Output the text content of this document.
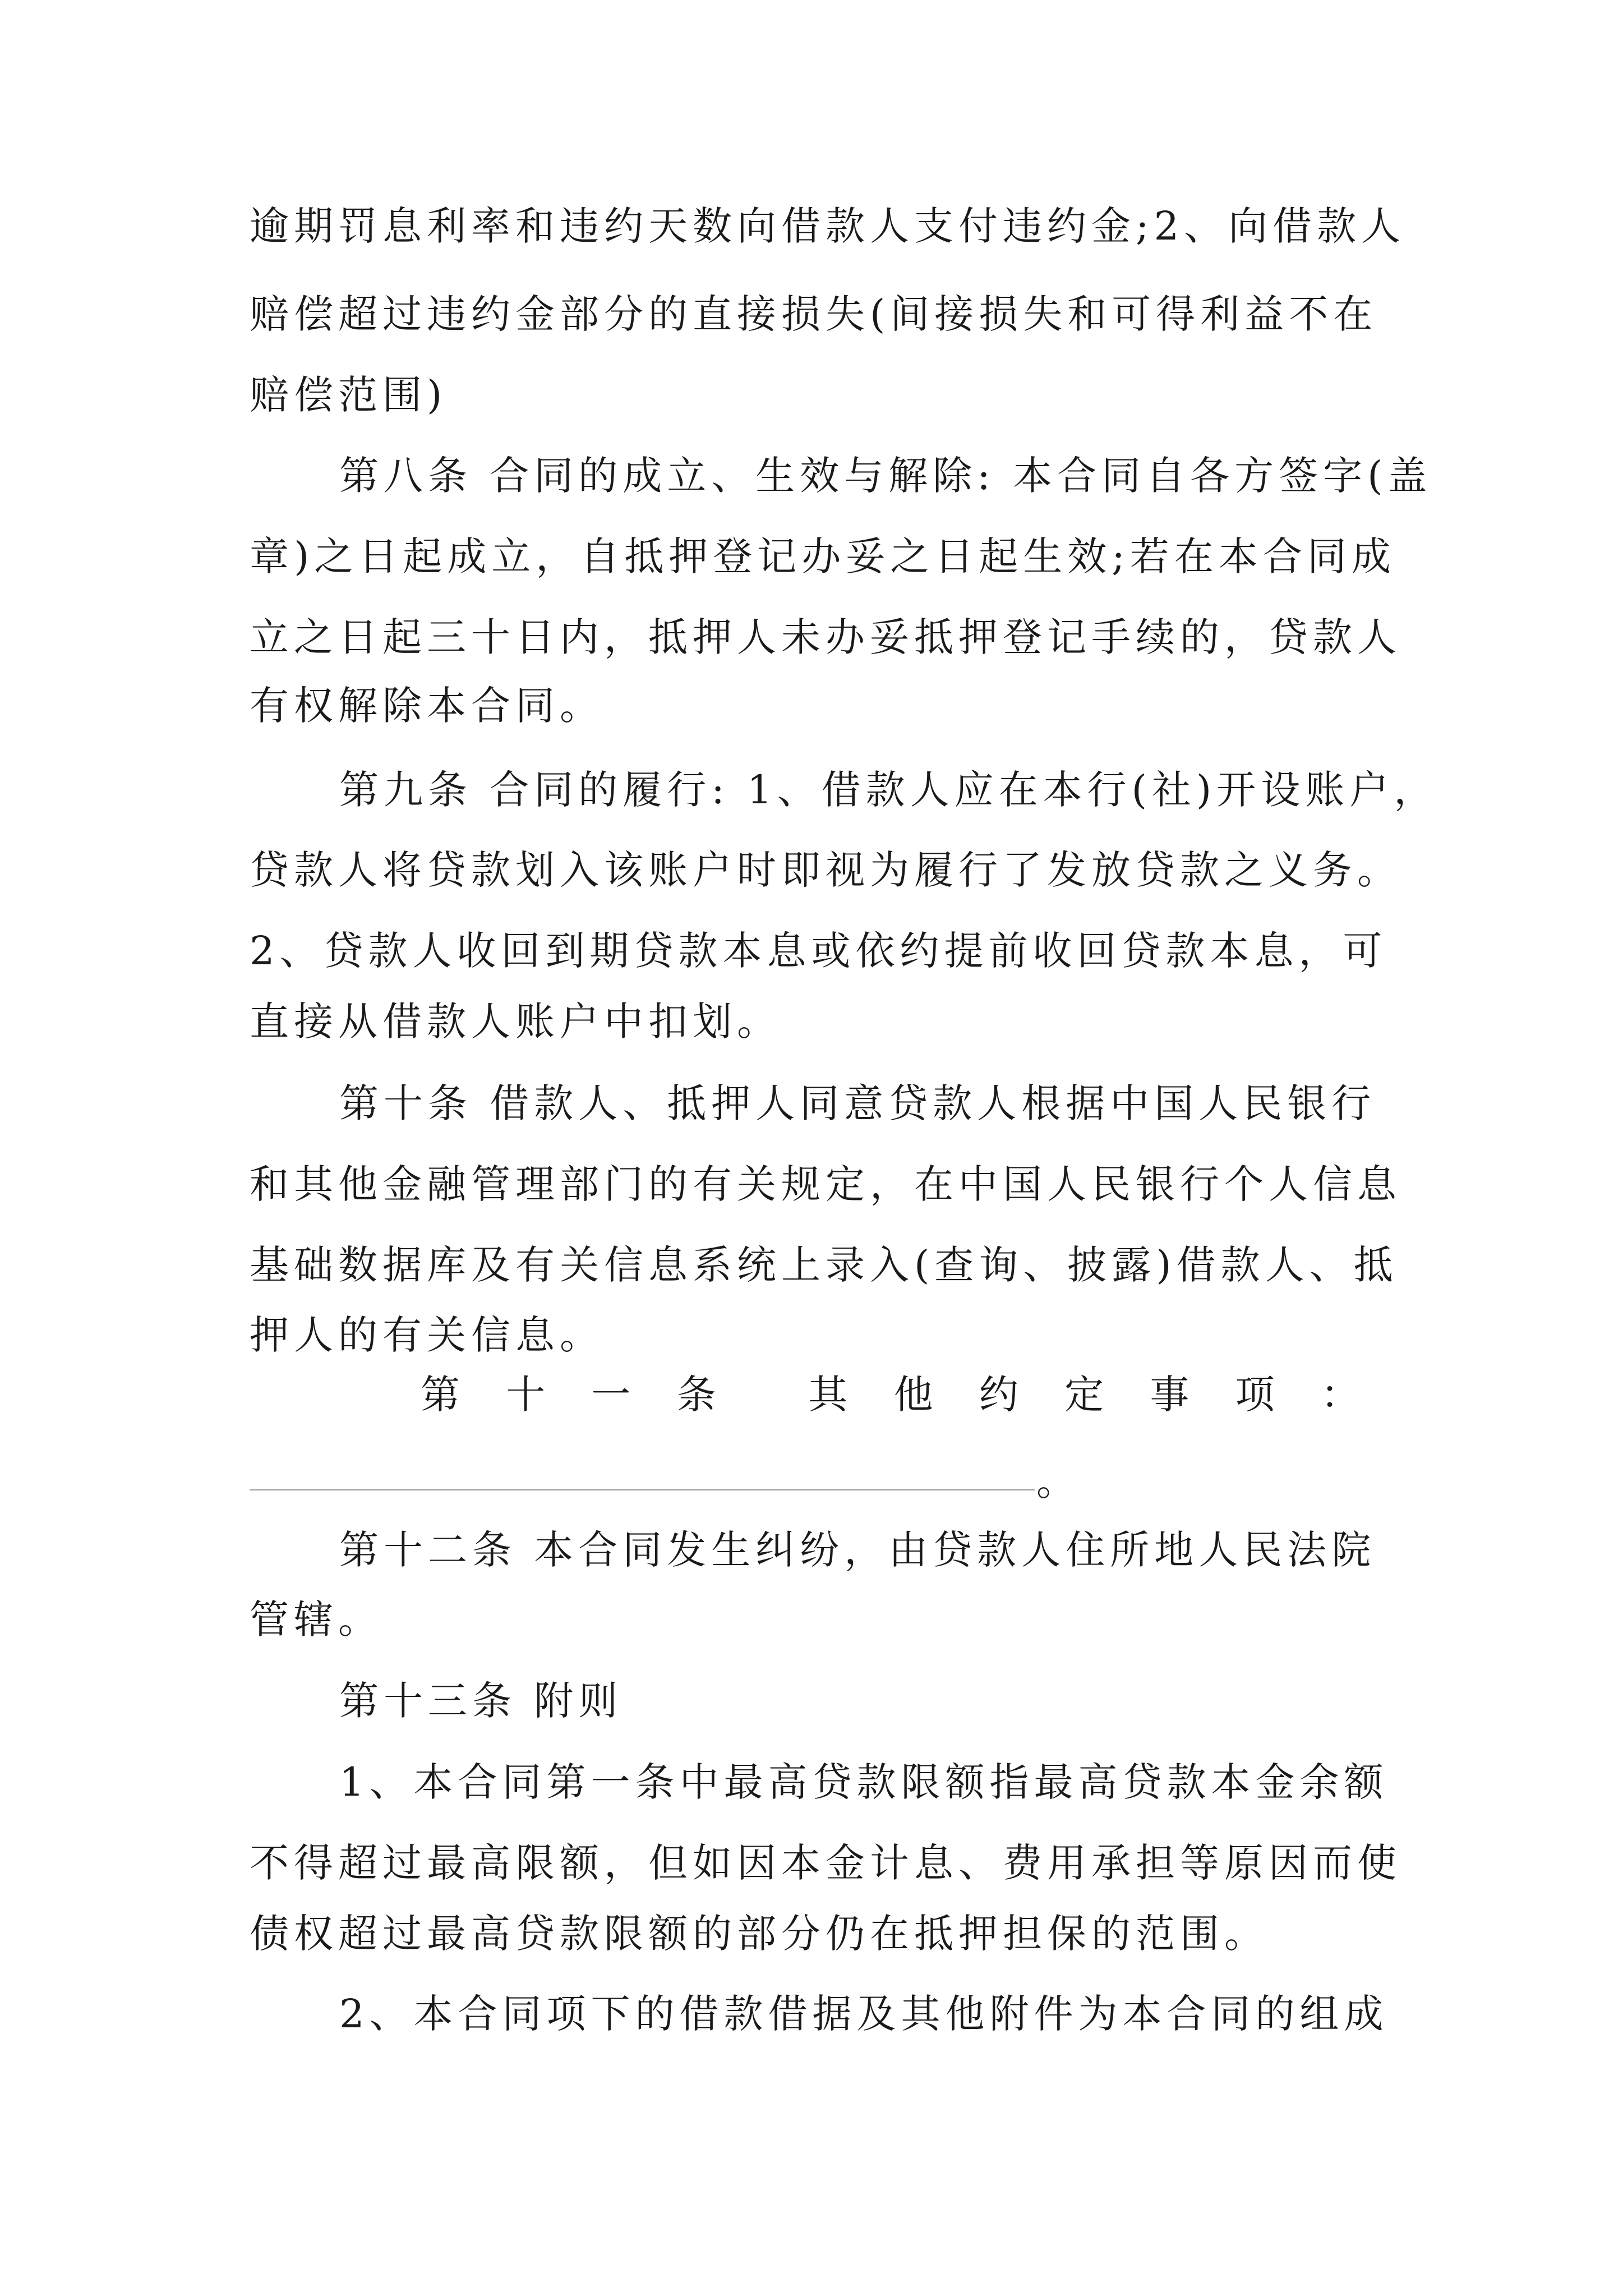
逾期罚息利率和违约天数向借款人支付违约金;2、向借款人
赔偿超过违约金部分的直接损失(间接损失和可得利益不在
赔偿范围)
第八条 合同的成立、生效与解除: 本合同自各方签字(盖
章)之日起成立，自抵押登记办妥之日起生效;若在本合同成
立之日起三十日内，抵押人未办妥抵押登记手续的，贷款人
有权解除本合同。
第九条 合同的履行: 1、借款人应在本行(社)开设账户，
贷款人将贷款划入该账户时即视为履行了发放贷款之义务。
2、贷款人收回到期贷款本息或依约提前收回贷款本息，可
直接从借款人账户中扣划。
第十条 借款人、抵押人同意贷款人根据中国人民银行
和其他金融管理部门的有关规定，在中国人民银行个人信息
基础数据库及有关信息系统上录入(查询、披露)借款人、抵
押人的有关信息。
第 十 一 条 其 他 约 定 事 项 ：
。
第十二条 本合同发生纠纷，由贷款人住所地人民法院
管辖。
第十三条 附则
1、本合同第一条中最高贷款限额指最高贷款本金余额
不得超过最高限额，但如因本金计息、费用承担等原因而使
债权超过最高贷款限额的部分仍在抵押担保的范围。
2、本合同项下的借款借据及其他附件为本合同的组成
